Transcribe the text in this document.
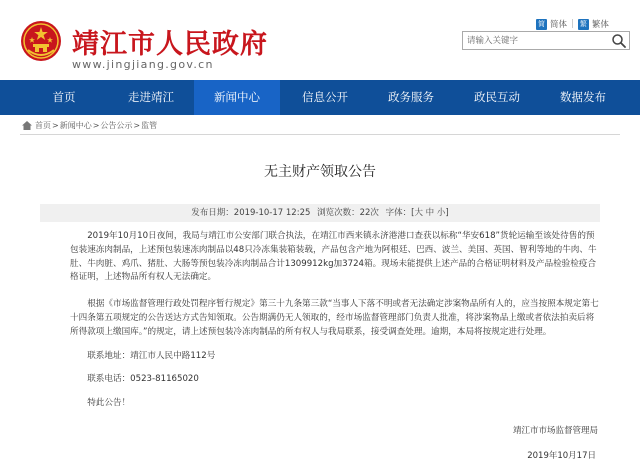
靖江市人民政府
www.jingjiang.gov.cn
简 简体 | 繁 繁体
请输入关键字
首页	走进靖江	新闻中心	信息公开	政务服务	政民互动	数据发布
首页 > 新闻中心 > 公告公示 > 监管
无主财产领取公告
发布日期：2019-10-17 12:25 浏览次数：22次 字体：[大 中 小]

2019年10月10日夜间，我局与靖江市公安部门联合执法，在靖江市西来镇永济港港口查获以标称“华安618”货轮运输至该处待售的预包装速冻肉制品，上述预包装速冻肉制品以48只冷冻集装箱装载，产品包含产地为阿根廷、巴西、波兰、美国、英国、智利等地的牛肉、牛肚、牛肉脏、鸡爪、猪肚、大肠等预包装冷冻肉制品合计1309912kg加3724箱。现场未能提供上述产品的合格证明材料及产品检验检疫合格证明，上述物品所有权人无法确定。

根据《市场监督管理行政处罚程序暂行规定》第三十九条第三款“当事人下落不明或者无法确定涉案物品所有人的，应当按照本规定第七十四条第五项规定的公告送达方式告知领取。公告期满仍无人领取的，经市场监督管理部门负责人批准，将涉案物品上缴或者依法拍卖后将所得款项上缴国库。”的规定，请上述预包装冷冻肉制品的所有权人与我局联系，接受调查处理。逾期，本局将按规定进行处理。

联系地址：靖江市人民中路112号

联系电话：0523-81165020

特此公告！

靖江市市场监督管理局
2019年10月17日
